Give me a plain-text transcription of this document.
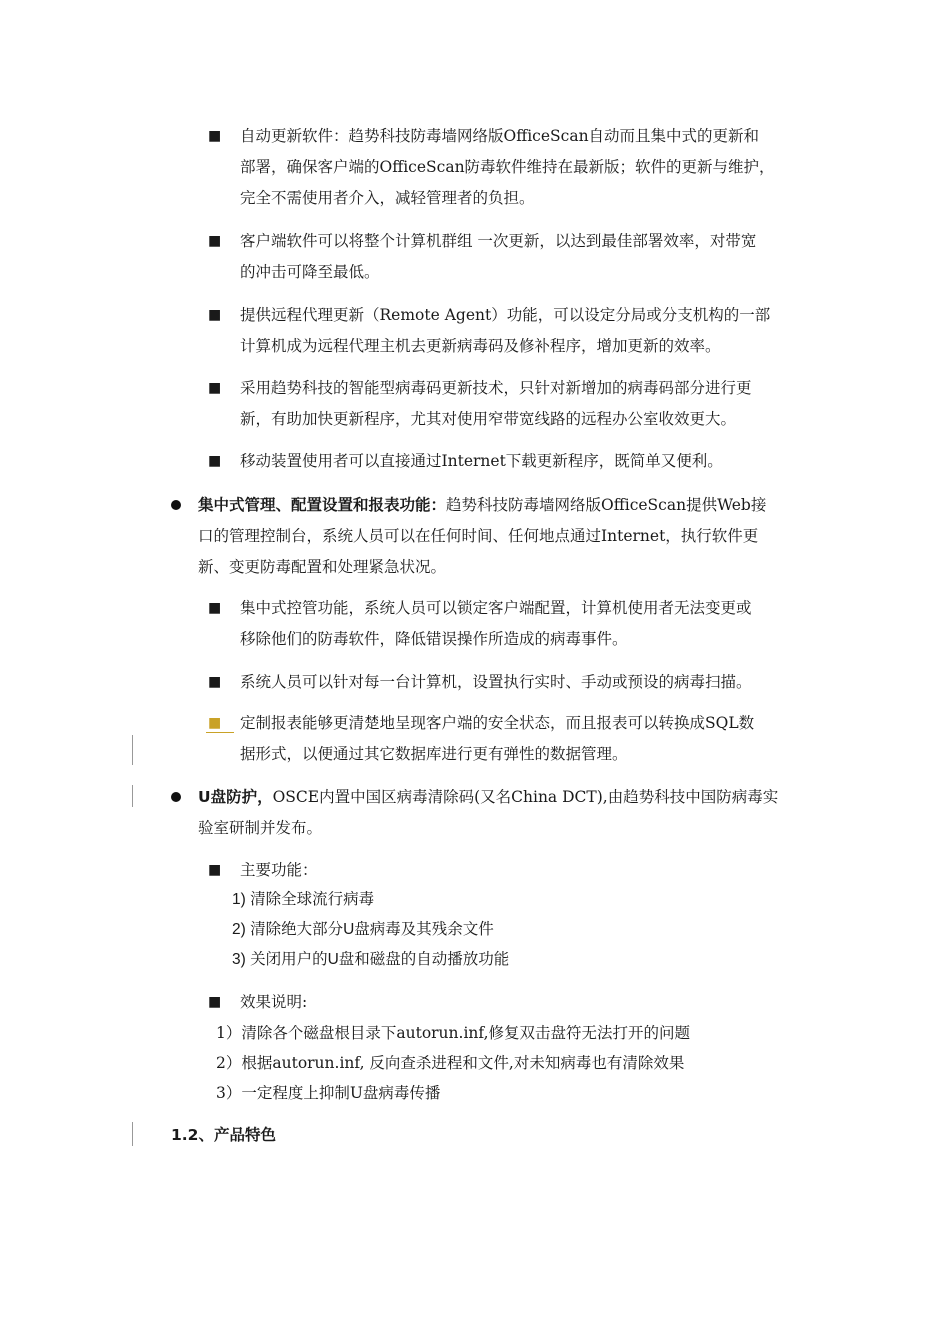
■ 自动更新软件：趋势科技防毒墙网络版OfficeScan自动而且集中式的更新和
部署，确保客户端的OfficeScan防毒软件维持在最新版；软件的更新与维护，
完全不需使用者介入，减轻管理者的负担。
■ 客户端软件可以将整个计算机群组 一次更新，以达到最佳部署效率，对带宽
的冲击可降至最低。
■ 提供远程代理更新（Remote Agent）功能，可以设定分局或分支机构的一部
计算机成为远程代理主机去更新病毒码及修补程序，增加更新的效率。
■ 采用趋势科技的智能型病毒码更新技术，只针对新增加的病毒码部分进行更
新，有助加快更新程序，尤其对使用窄带宽线路的远程办公室收效更大。
■ 移动装置使用者可以直接通过Internet下载更新程序，既简单又便利。
集中式管理、配置设置和报表功能：趋势科技防毒墙网络版OfficeScan提供Web接
口的管理控制台，系统人员可以在任何时间、任何地点通过Internet，执行软件更
新、变更防毒配置和处理紧急状况。
■ 集中式控管功能，系统人员可以锁定客户端配置，计算机使用者无法变更或
移除他们的防毒软件，降低错误操作所造成的病毒事件。
■ 系统人员可以针对每一台计算机，设置执行实时、手动或预设的病毒扫描。
■ 定制报表能够更清楚地呈现客户端的安全状态，而且报表可以转换成SQL数
据形式，以便通过其它数据库进行更有弹性的数据管理。
U盘防护，OSCE内置中国区病毒清除码(又名China DCT),由趋势科技中国防病毒实
验室研制并发布。
■ 主要功能：
1) 清除全球流行病毒
2) 清除绝大部分U盘病毒及其残余文件
3) 关闭用户的U盘和磁盘的自动播放功能
■ 效果说明:
1）清除各个磁盘根目录下autorun.inf,修复双击盘符无法打开的问题
2）根据autorun.inf, 反向查杀进程和文件,对未知病毒也有清除效果
3）一定程度上抑制U盘病毒传播
1.2、产品特色
